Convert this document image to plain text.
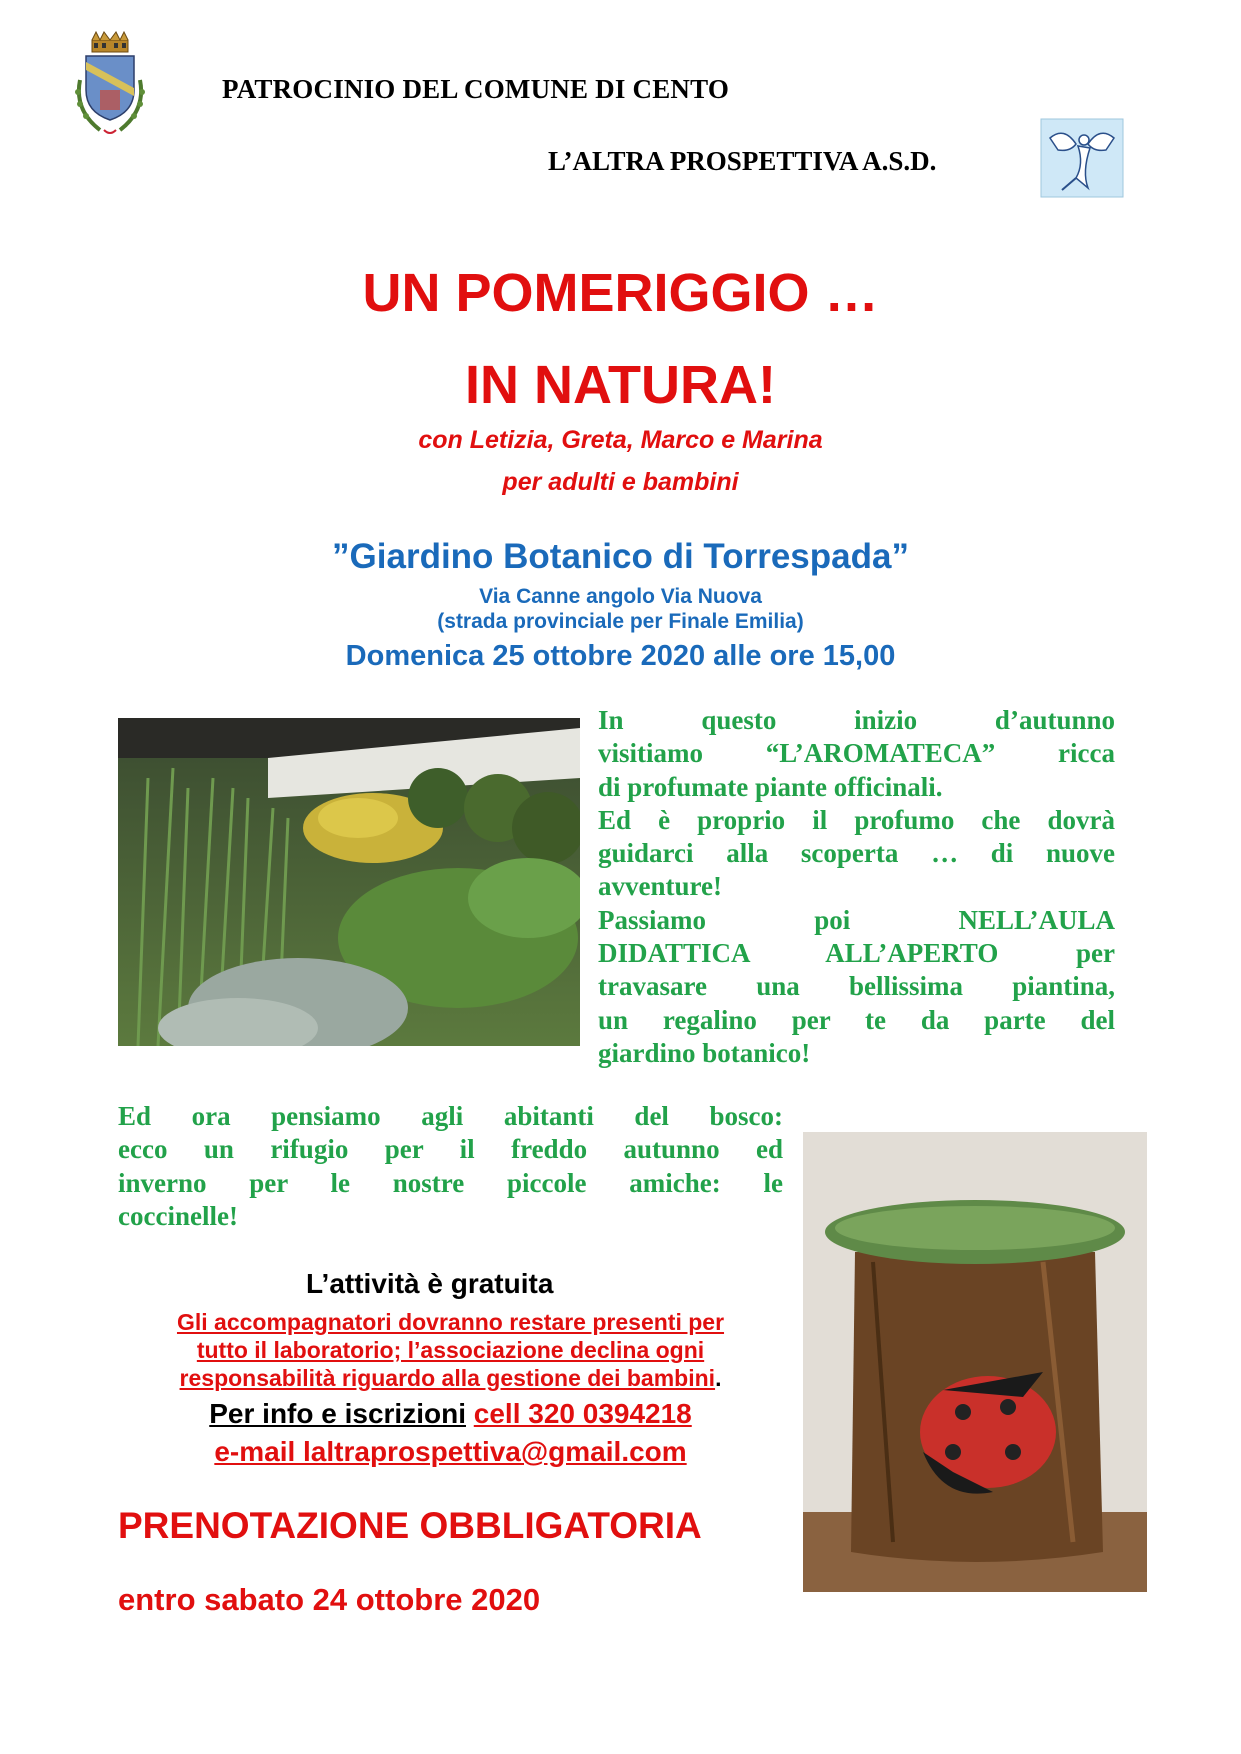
PATROCINIO DEL COMUNE DI CENTO
L’ALTRA PROSPETTIVA A.S.D.
UN POMERIGGIO …
IN NATURA!
con Letizia, Greta, Marco e Marina
per adulti e bambini
”Giardino Botanico di Torrespada”
Via Canne angolo Via Nuova
(strada provinciale per Finale Emilia)
Domenica 25 ottobre 2020 alle ore 15,00

In questo inizio d’autunno

visitiamo “L’AROMATECA” ricca

di profumate piante officinali.

Ed è proprio il profumo che dovrà

guidarci alla scoperta … di nuove

avventure!

Passiamo poi NELL’AULA

DIDATTICA ALL’APERTO per

travasare una bellissima piantina,

un regalino per te da parte del

giardino botanico!

Ed ora pensiamo agli abitanti del bosco:

ecco un rifugio per il freddo autunno ed

inverno per le nostre piccole amiche: le

coccinelle!

L’attività è gratuita
Gli accompagnatori dovranno restare presenti per
tutto il laboratorio; l’associazione declina ogni
responsabilità riguardo alla gestione dei bambini.
Per info e iscrizioni cell 320 0394218
e-mail laltraprospettiva@gmail.com
PRENOTAZIONE OBBLIGATORIA
entro sabato 24 ottobre 2020
